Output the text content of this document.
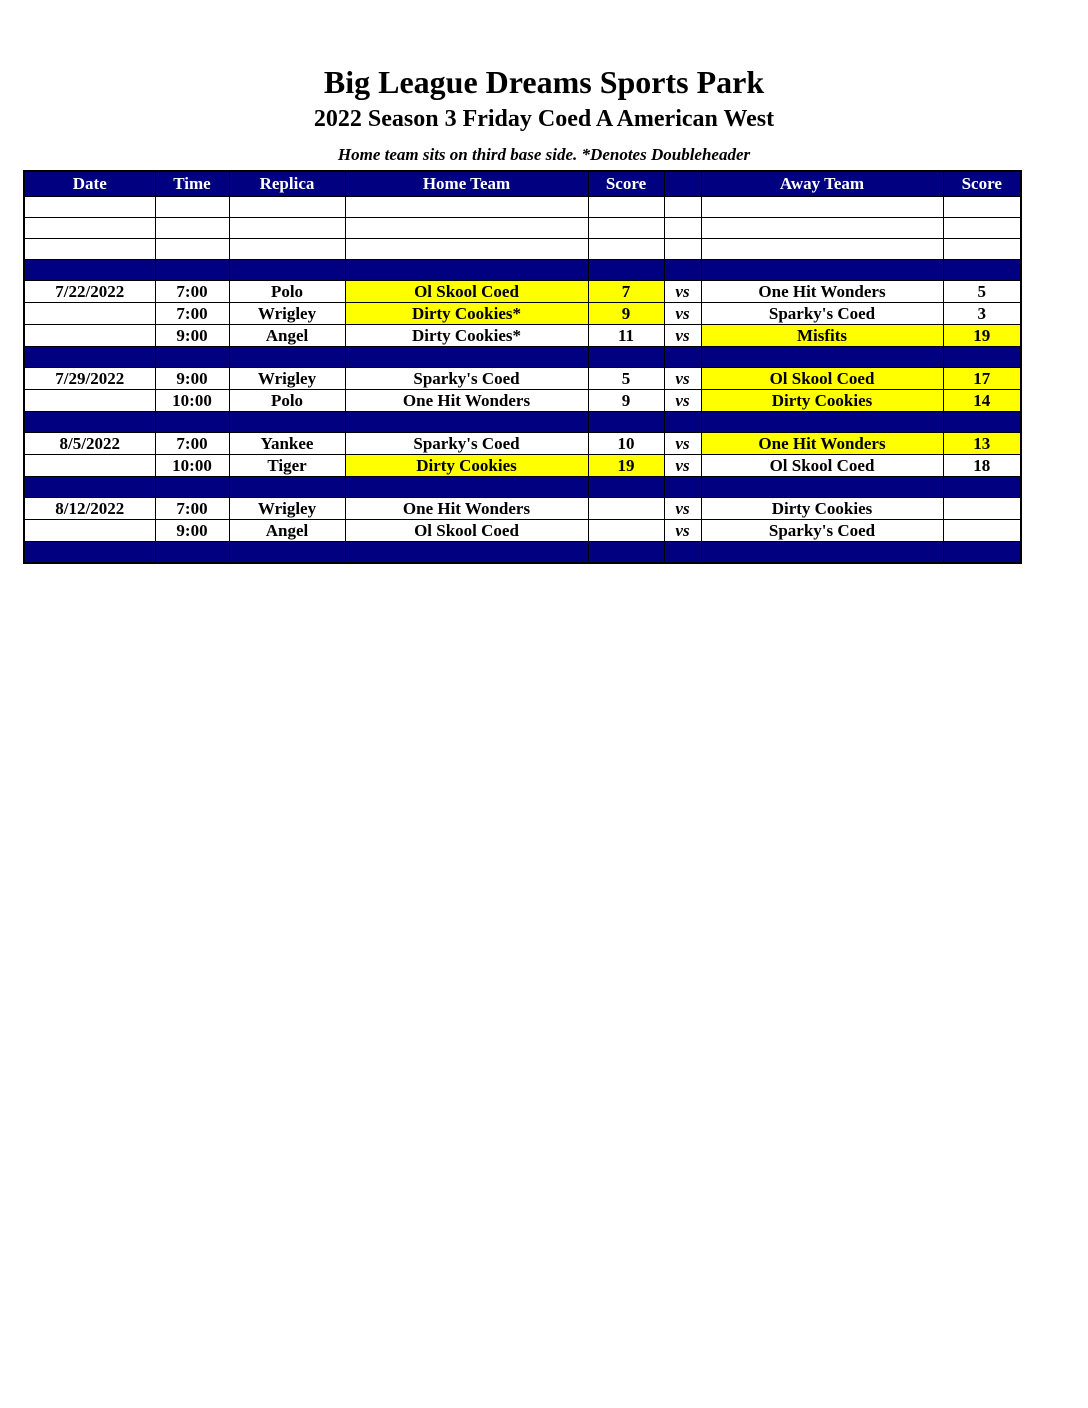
Big League Dreams Sports Park
2022 Season 3 Friday Coed A American West
Home team sits on third base side. *Denotes Doubleheader
Date	Time	Replica	Home Team	Score		Away Team	Score

7/22/2022	7:00	Polo	Ol Skool Coed	7	vs	One Hit Wonders	5
	7:00	Wrigley	Dirty Cookies*	9	vs	Sparky's Coed	3
	9:00	Angel	Dirty Cookies*	11	vs	Misfits	19

7/29/2022	9:00	Wrigley	Sparky's Coed	5	vs	Ol Skool Coed	17
	10:00	Polo	One Hit Wonders	9	vs	Dirty Cookies	14

8/5/2022	7:00	Yankee	Sparky's Coed	10	vs	One Hit Wonders	13
	10:00	Tiger	Dirty Cookies	19	vs	Ol Skool Coed	18

8/12/2022	7:00	Wrigley	One Hit Wonders		vs	Dirty Cookies	
	9:00	Angel	Ol Skool Coed		vs	Sparky's Coed	
